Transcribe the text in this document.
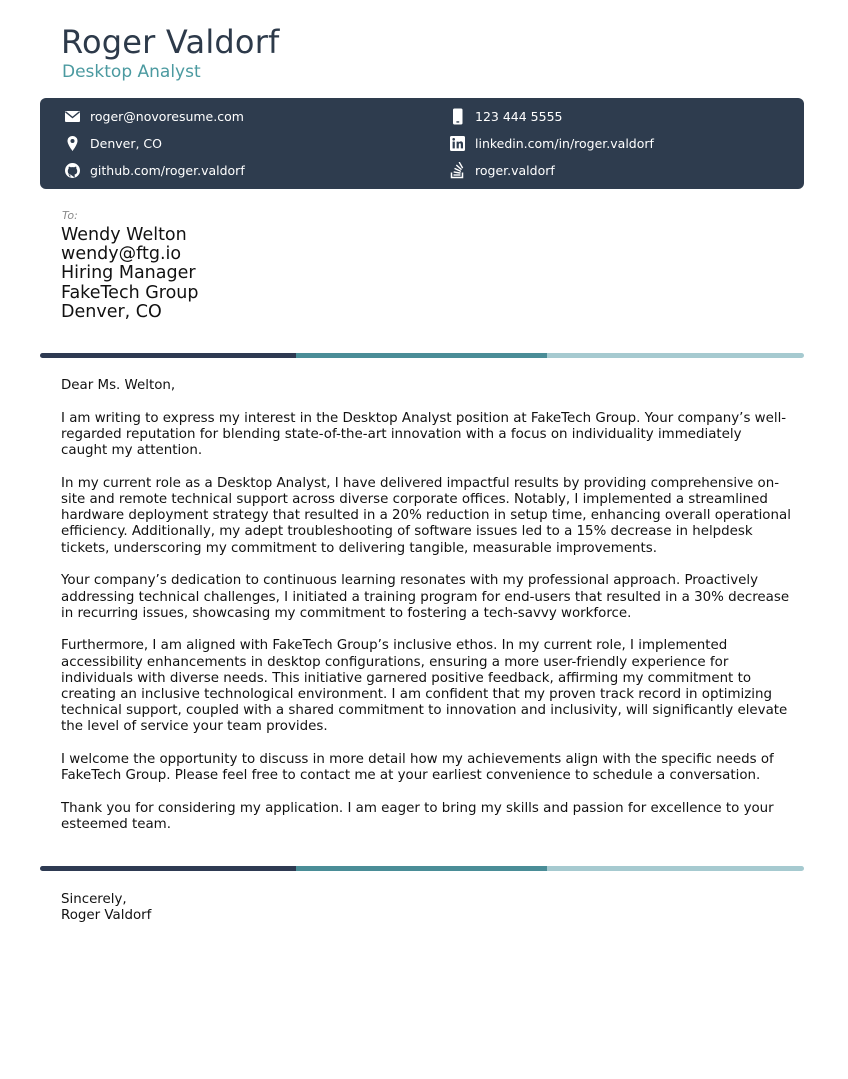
Roger Valdorf
Desktop Analyst
roger@novoresume.com
Denver, CO
github.com/roger.valdorf
123 444 5555
linkedin.com/in/roger.valdorf
roger.valdorf
To:
Wendy Welton
wendy@ftg.io
Hiring Manager
FakeTech Group
Denver, CO

Dear Ms. Welton,

I am writing to express my interest in the Desktop Analyst position at FakeTech Group. Your company’s well-regarded reputation for blending state-of-the-art innovation with a focus on individuality immediately caught my attention.

In my current role as a Desktop Analyst, I have delivered impactful results by providing comprehensive on-site and remote technical support across diverse corporate offices. Notably, I implemented a streamlined hardware deployment strategy that resulted in a 20% reduction in setup time, enhancing overall operational efficiency. Additionally, my adept troubleshooting of software issues led to a 15% decrease in helpdesk tickets, underscoring my commitment to delivering tangible, measurable improvements.

Your company’s dedication to continuous learning resonates with my professional approach. Proactively addressing technical challenges, I initiated a training program for end-users that resulted in a 30% decrease in recurring issues, showcasing my commitment to fostering a tech-savvy workforce.

Furthermore, I am aligned with FakeTech Group’s inclusive ethos. In my current role, I implemented accessibility enhancements in desktop configurations, ensuring a more user-friendly experience for individuals with diverse needs. This initiative garnered positive feedback, affirming my commitment to creating an inclusive technological environment. I am confident that my proven track record in optimizing technical support, coupled with a shared commitment to innovation and inclusivity, will significantly elevate the level of service your team provides.

I welcome the opportunity to discuss in more detail how my achievements align with the specific needs of FakeTech Group. Please feel free to contact me at your earliest convenience to schedule a conversation.

Thank you for considering my application. I am eager to bring my skills and passion for excellence to your esteemed team.

Sincerely,
Roger Valdorf
